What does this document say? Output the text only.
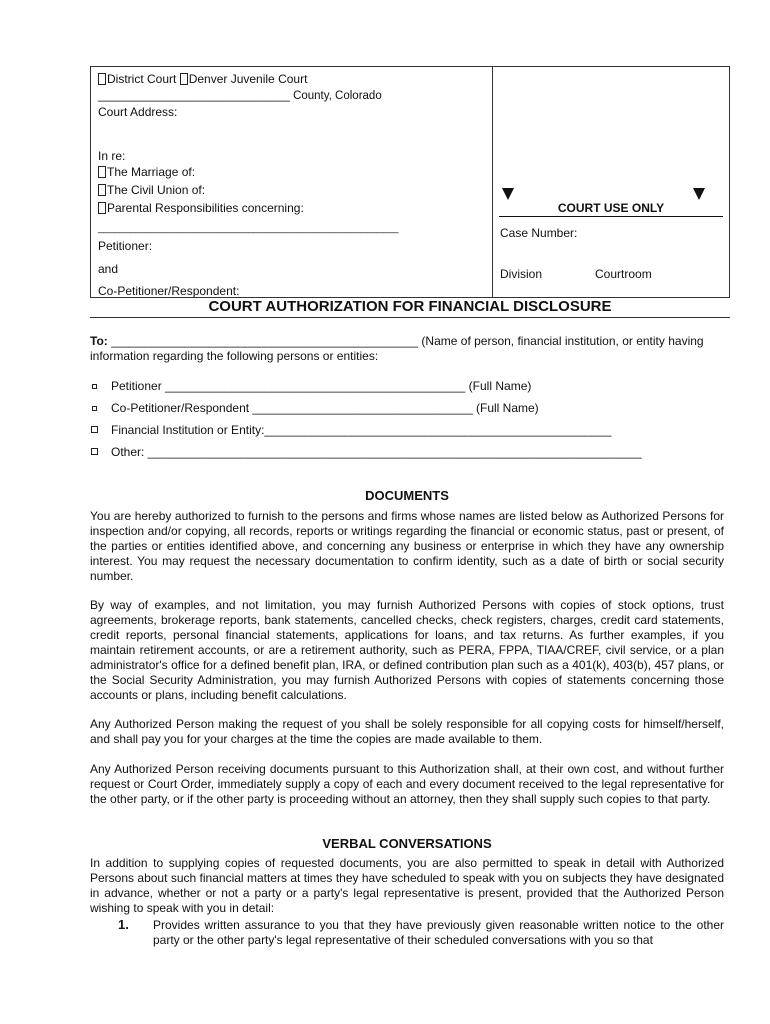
District Court Denver Juvenile Court
______________________________ County, Colorado
Court Address:
In re:
The Marriage of:
The Civil Union of:
Parental Responsibilities concerning:
________________________________________________________
Petitioner:
and
Co-Petitioner/Respondent:
COURT USE ONLY
Case Number:
Division	Courtroom
COURT AUTHORIZATION FOR FINANCIAL DISCLOSURE
To: ______________________________________________ (Name of person, financial institution, or entity having
information regarding the following persons or entities:
Petitioner _____________________________________________ (Full Name)
Co-Petitioner/Respondent _________________________________ (Full Name)
Financial Institution or Entity:____________________________________________________
Other: __________________________________________________________________________
DOCUMENTS
You are hereby authorized to furnish to the persons and firms whose names are listed below as Authorized Persons for inspection and/or copying, all records, reports or writings regarding the financial or economic status, past or present, of the parties or entities identified above, and concerning any business or enterprise in which they have any ownership interest. You may request the necessary documentation to confirm identity, such as a date of birth or social security number.
By way of examples, and not limitation, you may furnish Authorized Persons with copies of stock options, trust agreements, brokerage reports, bank statements, cancelled checks, check registers, charges, credit card statements, credit reports, personal financial statements, applications for loans, and tax returns. As further examples, if you maintain retirement accounts, or are a retirement authority, such as PERA, FPPA, TIAA/CREF, civil service, or a plan administrator's office for a defined benefit plan, IRA, or defined contribution plan such as a 401(k), 403(b), 457 plans, or the Social Security Administration, you may furnish Authorized Persons with copies of statements concerning those accounts or plans, including benefit calculations.
Any Authorized Person making the request of you shall be solely responsible for all copying costs for himself/herself, and shall pay you for your charges at the time the copies are made available to them.
Any Authorized Person receiving documents pursuant to this Authorization shall, at their own cost, and without further request or Court Order, immediately supply a copy of each and every document received to the legal representative for the other party, or if the other party is proceeding without an attorney, then they shall supply such copies to that party.
VERBAL CONVERSATIONS
In addition to supplying copies of requested documents, you are also permitted to speak in detail with Authorized Persons about such financial matters at times they have scheduled to speak with you on subjects they have designated in advance, whether or not a party or a party's legal representative is present, provided that the Authorized Person wishing to speak with you in detail:
1. Provides written assurance to you that they have previously given reasonable written notice to the other party or the other party's legal representative of their scheduled conversations with you so that
